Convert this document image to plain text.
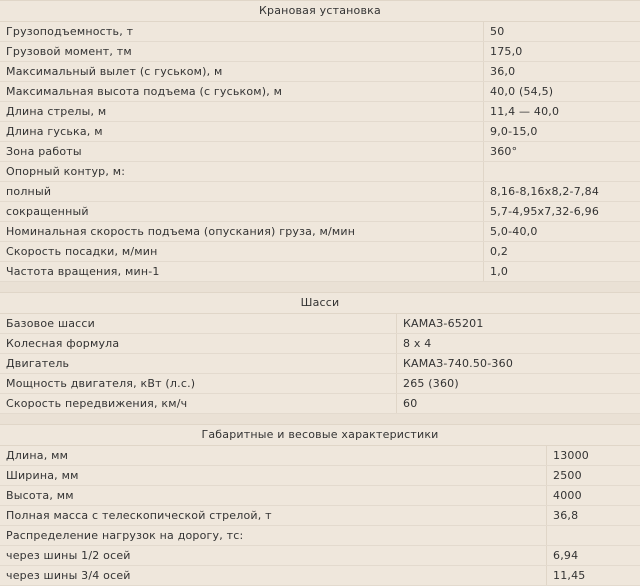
Крановая установка
Грузоподъемность, т	50
Грузовой момент, тм	175,0
Максимальный вылет (с гуськом), м	36,0
Максимальная высота подъема (с гуськом), м	40,0 (54,5)
Длина стрелы, м	11,4 — 40,0
Длина гуська, м	9,0-15,0
Зона работы	360°
Опорный контур, м:
полный	8,16-8,16х8,2-7,84
сокращенный	5,7-4,95х7,32-6,96
Номинальная скорость подъема (опускания) груза, м/мин	5,0-40,0
Скорость посадки, м/мин	0,2
Частота вращения, мин-1	1,0
Шасси
Базовое шасси	КАМАЗ-65201
Колесная формула	8 х 4
Двигатель	КАМАЗ-740.50-360
Мощность двигателя, кВт (л.с.)	265 (360)
Скорость передвижения, км/ч	60
Габаритные и весовые характеристики
Длина, мм	13000
Ширина, мм	2500
Высота, мм	4000
Полная масса с телескопической стрелой, т	36,8
Распределение нагрузок на дорогу, тс:
через шины 1/2 осей	6,94
через шины 3/4 осей	11,45
